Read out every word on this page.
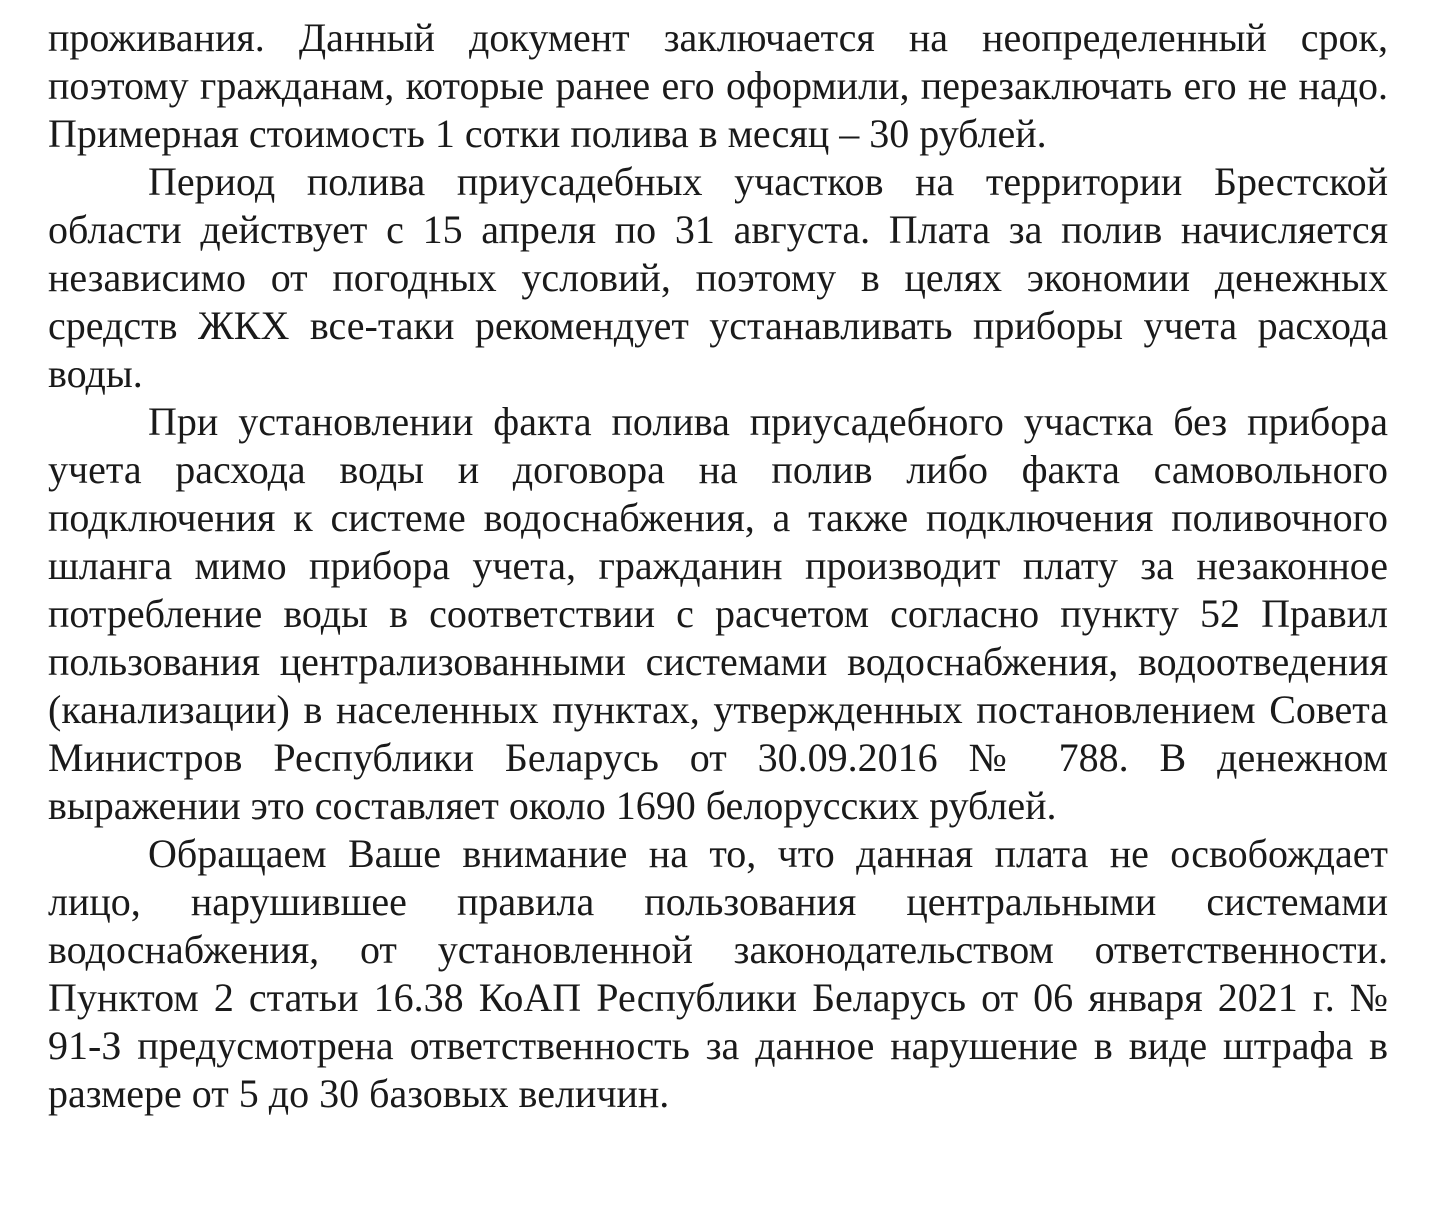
проживания. Данный документ заключается на неопределенный срок, поэтому гражданам, которые ранее его оформили, перезаключать его не надо. Примерная стоимость 1 сотки полива в месяц – 30 рублей.

Период полива приусадебных участков на территории Брестской области действует с 15 апреля по 31 августа. Плата за полив начисляется независимо от погодных условий, поэтому в целях экономии денежных средств ЖКХ все-таки рекомендует устанавливать приборы учета расхода воды.

При установлении факта полива приусадебного участка без прибора учета расхода воды и договора на полив либо факта самовольного подключения к системе водоснабжения, а также подключения поливочного шланга мимо прибора учета, гражданин производит плату за незаконное потребление воды в соответствии с расчетом согласно пункту 52 Правил пользования централизованными системами водоснабжения, водоотведения (канализации) в населенных пунктах, утвержденных постановлением Совета Министров Республики Беларусь от 30.09.2016 № 788. В денежном выражении это составляет около 1690 белорусских рублей.

Обращаем Ваше внимание на то, что данная плата не освобождает лицо, нарушившее правила пользования центральными системами водоснабжения, от установленной законодательством ответственности. Пунктом 2 статьи 16.38 КоАП Республики Беларусь от 06 января 2021 г. № 91-З предусмотрена ответственность за данное нарушение в виде штрафа в размере от 5 до 30 базовых величин.
